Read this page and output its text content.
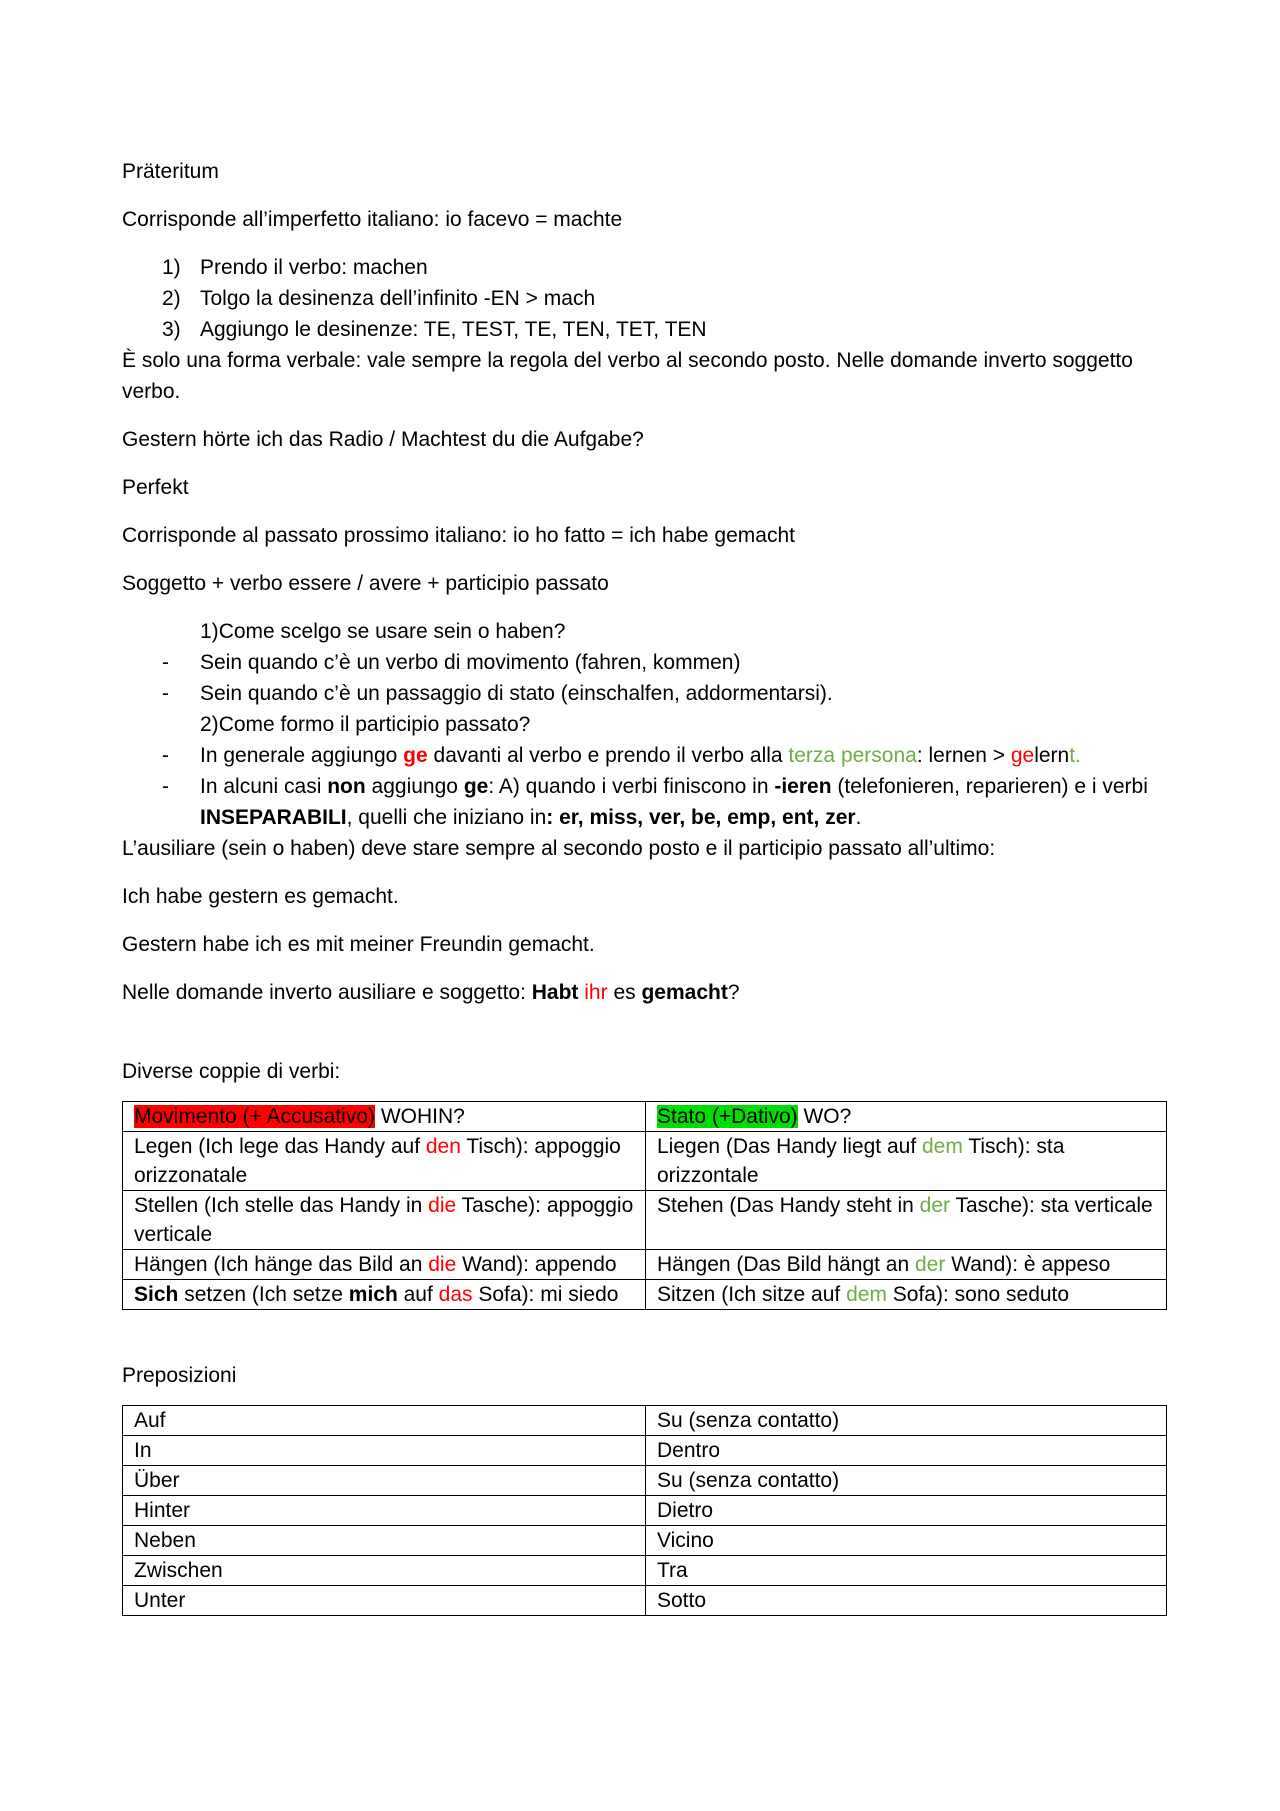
Präteritum

Corrisponde all’imperfetto italiano: io facevo = machte

1) Prendo il verbo: machen
2) Tolgo la desinenza dell’infinito -EN > mach
3) Aggiungo le desinenze: TE, TEST, TE, TEN, TET, TEN

È solo una forma verbale: vale sempre la regola del verbo al secondo posto. Nelle domande inverto soggetto verbo.

Gestern hörte ich das Radio / Machtest du die Aufgabe?

Perfekt

Corrisponde al passato prossimo italiano: io ho fatto = ich habe gemacht

Soggetto + verbo essere / avere + participio passato

1)Come scelgo se usare sein o haben?
- Sein quando c’è un verbo di movimento (fahren, kommen)
- Sein quando c’è un passaggio di stato (einschalfen, addormentarsi).
2)Come formo il participio passato?
- In generale aggiungo ge davanti al verbo e prendo il verbo alla terza persona: lernen > gelernt.
- In alcuni casi non aggiungo ge: A) quando i verbi finiscono in -ieren (telefonieren, reparieren) e i verbi INSEPARABILI, quelli che iniziano in: er, miss, ver, be, emp, ent, zer.

L’ausiliare (sein o haben) deve stare sempre al secondo posto e il participio passato all’ultimo:

Ich habe gestern es gemacht.

Gestern habe ich es mit meiner Freundin gemacht.

Nelle domande inverto ausiliare e soggetto: Habt ihr es gemacht?

Diverse coppie di verbi:

Movimento (+ Accusativo) WOHIN?	Stato (+Dativo) WO?
Legen (Ich lege das Handy auf den Tisch): appoggio orizzonatale	Liegen (Das Handy liegt auf dem Tisch): sta orizzontale
Stellen (Ich stelle das Handy in die Tasche): appoggio verticale	Stehen (Das Handy steht in der Tasche): sta verticale
Hängen (Ich hänge das Bild an die Wand): appendo	Hängen (Das Bild hängt an der Wand): è appeso
Sich setzen (Ich setze mich auf das Sofa): mi siedo	Sitzen (Ich sitze auf dem Sofa): sono seduto

Preposizioni

Auf	Su (senza contatto)
In	Dentro
Über	Su (senza contatto)
Hinter	Dietro
Neben	Vicino
Zwischen	Tra
Unter	Sotto
